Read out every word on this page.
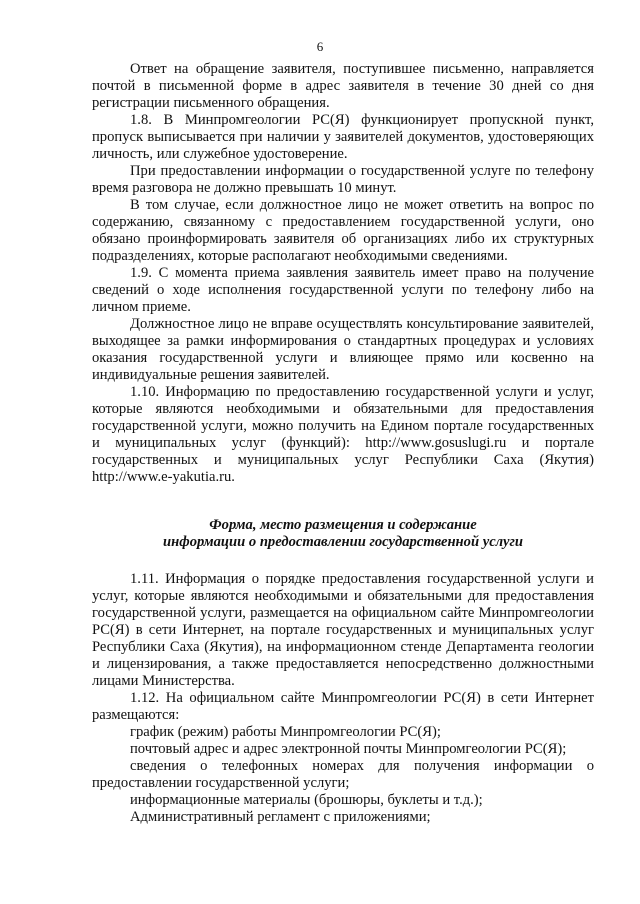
6

Ответ на обращение заявителя, поступившее письменно, направляется почтой в письменной форме в адрес заявителя в течение 30 дней со дня регистрации письменного обращения.

1.8. В Минпромгеологии РС(Я) функционирует пропускной пункт, пропуск выписывается при наличии у заявителей документов, удостоверяющих личность, или служебное удостоверение.

При предоставлении информации о государственной услуге по телефону время разговора не должно превышать 10 минут.

В том случае, если должностное лицо не может ответить на вопрос по содержанию, связанному с предоставлением государственной услуги, оно обязано проинформировать заявителя об организациях либо их структурных подразделениях, которые располагают необходимыми сведениями.

1.9. С момента приема заявления заявитель имеет право на получение сведений о ходе исполнения государственной услуги по телефону либо на личном приеме.

Должностное лицо не вправе осуществлять консультирование заявителей, выходящее за рамки информирования о стандартных процедурах и условиях оказания государственной услуги и влияющее прямо или косвенно на индивидуальные решения заявителей.

1.10. Информацию по предоставлению государственной услуги и услуг, которые являются необходимыми и обязательными для предоставления государственной услуги, можно получить на Едином портале государственных и муниципальных услуг (функций): http://www.gosuslugi.ru и портале государственных и муниципальных услуг Республики Саха (Якутия) http://www.e-yakutia.ru.

Форма, место размещения и содержание
информации о предоставлении государственной услуги

1.11. Информация о порядке предоставления государственной услуги и услуг, которые являются необходимыми и обязательными для предоставления государственной услуги, размещается на официальном сайте Минпромгеологии РС(Я) в сети Интернет, на портале государственных и муниципальных услуг Республики Саха (Якутия), на информационном стенде Департамента геологии и лицензирования, а также предоставляется непосредственно должностными лицами Министерства.

1.12. На официальном сайте Минпромгеологии РС(Я) в сети Интернет размещаются:

график (режим) работы Минпромгеологии РС(Я);

почтовый адрес и адрес электронной почты Минпромгеологии РС(Я);

сведения о телефонных номерах для получения информации о предоставлении государственной услуги;

информационные материалы (брошюры, буклеты и т.д.);

Административный регламент с приложениями;
